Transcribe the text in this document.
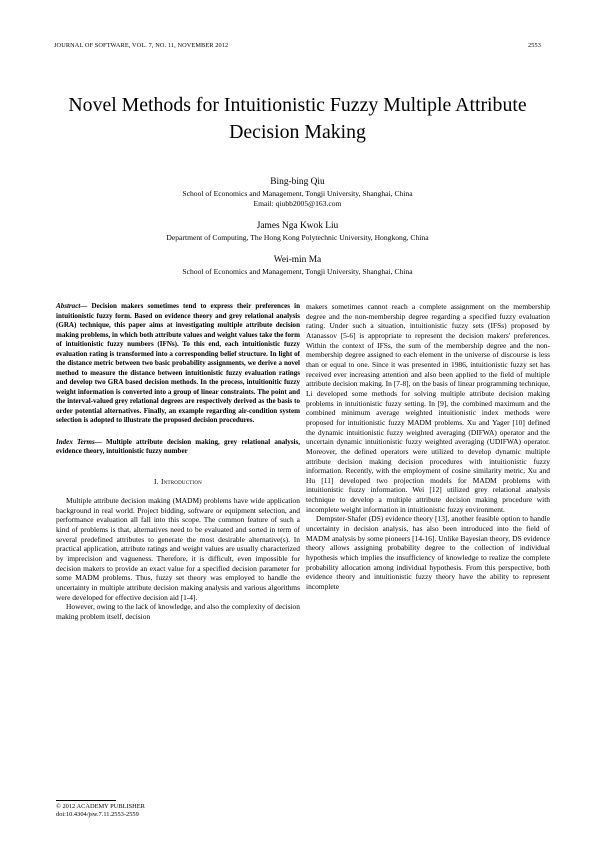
JOURNAL OF SOFTWARE, VOL. 7, NO. 11, NOVEMBER 2012	2553
Novel Methods for Intuitionistic Fuzzy Multiple Attribute Decision Making
Bing-bing Qiu
School of Economics and Management, Tongji University, Shanghai, China
Email: qiubb2005@163.com
James Nga Kwok Liu
Department of Computing, The Hong Kong Polytechnic University, Hongkong, China
Wei-min Ma
School of Economics and Management, Tongji University, Shanghai, China

Abstract— Decision makers sometimes tend to express their preferences in intuitionistic fuzzy form. Based on evidence theory and grey relational analysis (GRA) technique, this paper aims at investigating multiple attribute decision making problems, in which both attribute values and weight values take the form of intuitionistic fuzzy numbers (IFNs). To this end, each intuitionistic fuzzy evaluation rating is transformed into a corresponding belief structure. In light of the distance metric between two basic probability assignments, we derive a novel method to measure the distance between intuitionistic fuzzy evaluation ratings and develop two GRA based decision methods. In the process, intuitionitic fuzzy weight information is converted into a group of linear constraints. The point and the interval-valued grey relational degrees are respectively derived as the basis to order potential alternatives. Finally, an example regarding air-condition system selection is adopted to illustrate the proposed decision procedures.

Index Terms— Multiple attribute decision making, grey relational analysis, evidence theory, intuitionistic fuzzy number

I. Introduction

Multiple attribute decision making (MADM) problems have wide application background in real world. Project bidding, software or equipment selection, and performance evaluation all fall into this scope. The common feature of such a kind of problems is that, alternatives need to be evaluated and sorted in term of several predefined attributes to generate the most desirable alternative(s). In practical application, attribute ratings and weight values are usually characterized by imprecision and vagueness. Therefore, it is difficult, even impossible for decision makers to provide an exact value for a specified decision parameter for some MADM problems. Thus, fuzzy set theory was employed to handle the uncertainty in multiple attribute decision making analysis and various algorithms were developed for effective decision aid [1-4].

However, owing to the lack of knowledge, and also the complexity of decision making problem itself, decision

makers sometimes cannot reach a complete assignment on the membership degree and the non-membership degree regarding a specified fuzzy evaluation rating. Under such a situation, intuitionistic fuzzy sets (IFSs) proposed by Atanassov [5-6] is appropriate to represent the decision makers' preferences. Within the context of IFSs, the sum of the membership degree and the non-membership degree assigned to each element in the universe of discourse is less than or equal to one. Since it was presented in 1986, intuitionistic fuzzy set has received ever increasing attention and also been applied to the field of multiple attribute decision making. In [7-8], on the basis of linear programming technique, Li developed some methods for solving multiple attribute decision making problems in intuitionistic fuzzy setting. In [9], the combined maximum and the combined minimum average weighted intuitionistic index methods were proposed for intuitionistic fuzzy MADM problems. Xu and Yager [10] defined the dynamic intuitionistic fuzzy weighted averaging (DIFWA) operator and the uncertain dynamic intuitionistic fuzzy weighted averaging (UDIFWA) operator. Moreover, the defined operators were utilized to develop dynamic multiple attribute decision making decision procedures with intuitionistic fuzzy information. Recently, with the employment of cosine similarity metric, Xu and Hu [11] developed two projection models for MADM problems with intuitionistic fuzzy information. Wei [12] utilized grey relational analysis technique to develop a multiple attribute decision making procedure with incomplete weight information in intuitionistic fuzzy environment.

Dempster-Shafer (DS) evidence theory [13], another feasible option to handle uncertainty in decision analysis, has also been introduced into the field of MADM analysis by some pioneers [14-16]. Unlike Bayesian theory, DS evidence theory allows assigning probability degree to the collection of individual hypothesis which implies the insufficiency of knowledge to realize the complete probability allocation among individual hypothesis. From this perspective, both evidence theory and intuitionistic fuzzy theory have the ability to represent incomplete

© 2012 ACADEMY PUBLISHER
doi:10.4304/jsw.7.11.2553-2559
